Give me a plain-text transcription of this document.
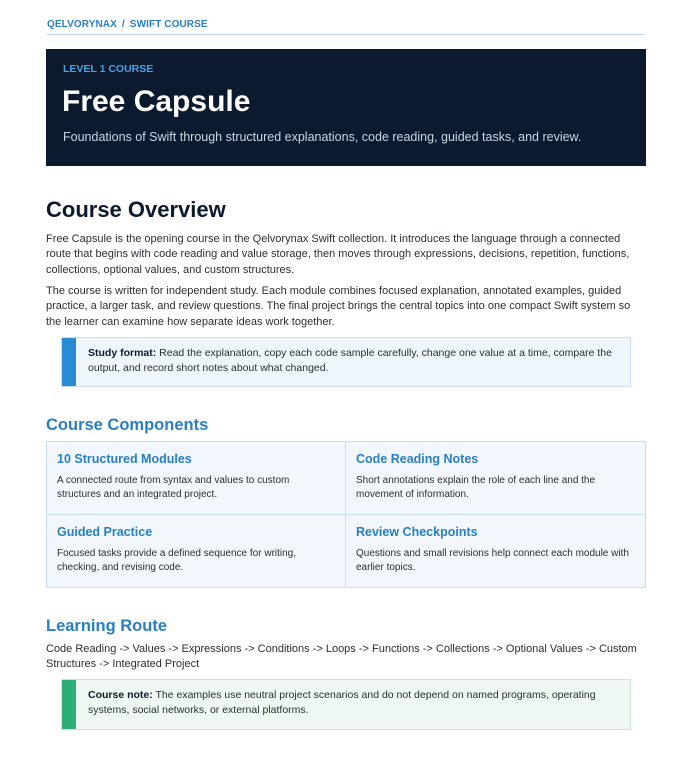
QELVORYNAX / SWIFT COURSE
LEVEL 1 COURSE
Free Capsule

Foundations of Swift through structured explanations, code reading, guided tasks, and review.

Course Overview
Free Capsule is the opening course in the Qelvorynax Swift collection. It introduces the language through a connected route that begins with code reading and value storage, then moves through expressions, decisions, repetition, functions, collections, optional values, and custom structures.
The course is written for independent study. Each module combines focused explanation, annotated examples, guided practice, a larger task, and review questions. The final project brings the central topics into one compact Swift system so the learner can examine how separate ideas work together.
Study format: Read the explanation, copy each code sample carefully, change one value at a time, compare the output, and record short notes about what changed.
Course Components
10 Structured Modules
A connected route from syntax and values to custom structures and an integrated project.
Code Reading Notes
Short annotations explain the role of each line and the movement of information.
Guided Practice
Focused tasks provide a defined sequence for writing, checking, and revising code.
Review Checkpoints
Questions and small revisions help connect each module with earlier topics.
Learning Route
Code Reading -> Values -> Expressions -> Conditions -> Loops -> Functions -> Collections -> Optional Values -> Custom Structures -> Integrated Project
Course note: The examples use neutral project scenarios and do not depend on named programs, operating systems, social networks, or external platforms.
